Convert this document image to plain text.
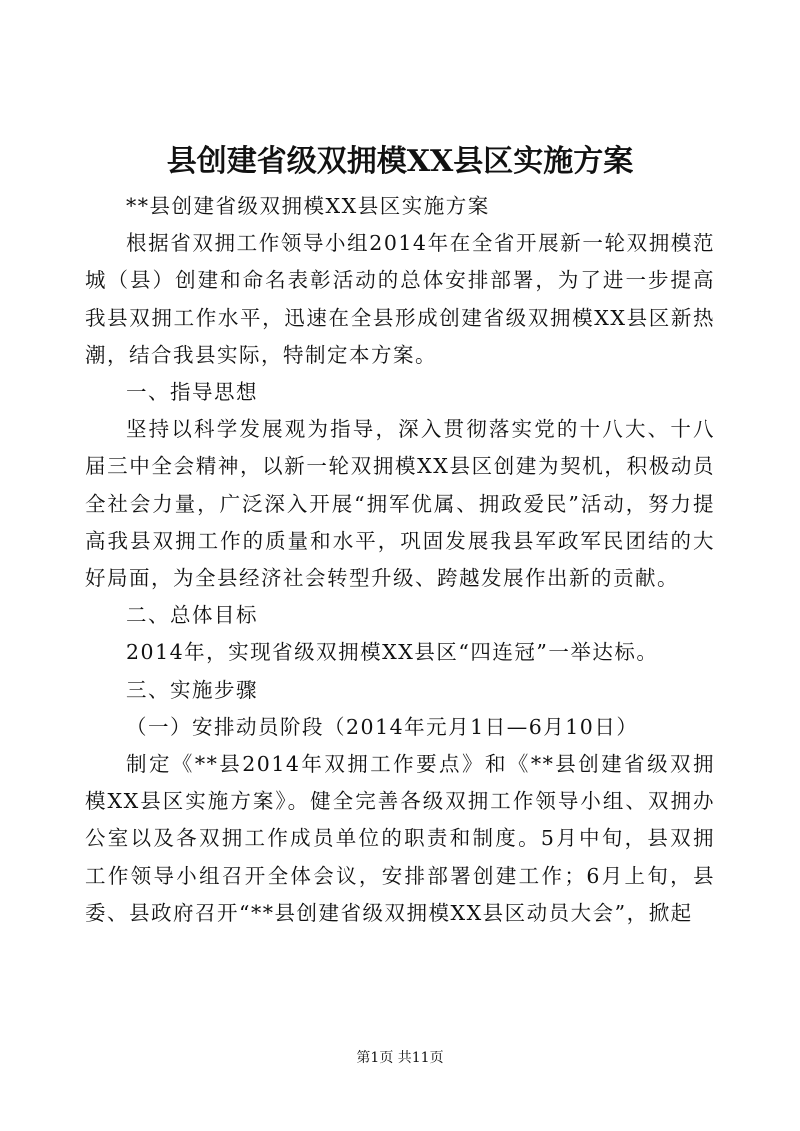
县创建省级双拥模XX县区实施方案

**县创建省级双拥模XX县区实施方案

根据省双拥工作领导小组2014年在全省开展新一轮双拥模范城（县）创建和命名表彰活动的总体安排部署，为了进一步提高我县双拥工作水平，迅速在全县形成创建省级双拥模XX县区新热潮，结合我县实际，特制定本方案。

一、指导思想

坚持以科学发展观为指导，深入贯彻落实党的十八大、十八届三中全会精神，以新一轮双拥模XX县区创建为契机，积极动员全社会力量，广泛深入开展“拥军优属、拥政爱民”活动，努力提高我县双拥工作的质量和水平，巩固发展我县军政军民团结的大好局面，为全县经济社会转型升级、跨越发展作出新的贡献。

二、总体目标

2014年，实现省级双拥模XX县区“四连冠”一举达标。

三、实施步骤

（一）安排动员阶段（2014年元月1日—6月10日）

制定《**县2014年双拥工作要点》和《**县创建省级双拥模XX县区实施方案》。健全完善各级双拥工作领导小组、双拥办公室以及各双拥工作成员单位的职责和制度。5月中旬，县双拥工作领导小组召开全体会议，安排部署创建工作；6月上旬，县委、县政府召开“**县创建省级双拥模XX县区动员大会”，掀起

第1页 共11页
